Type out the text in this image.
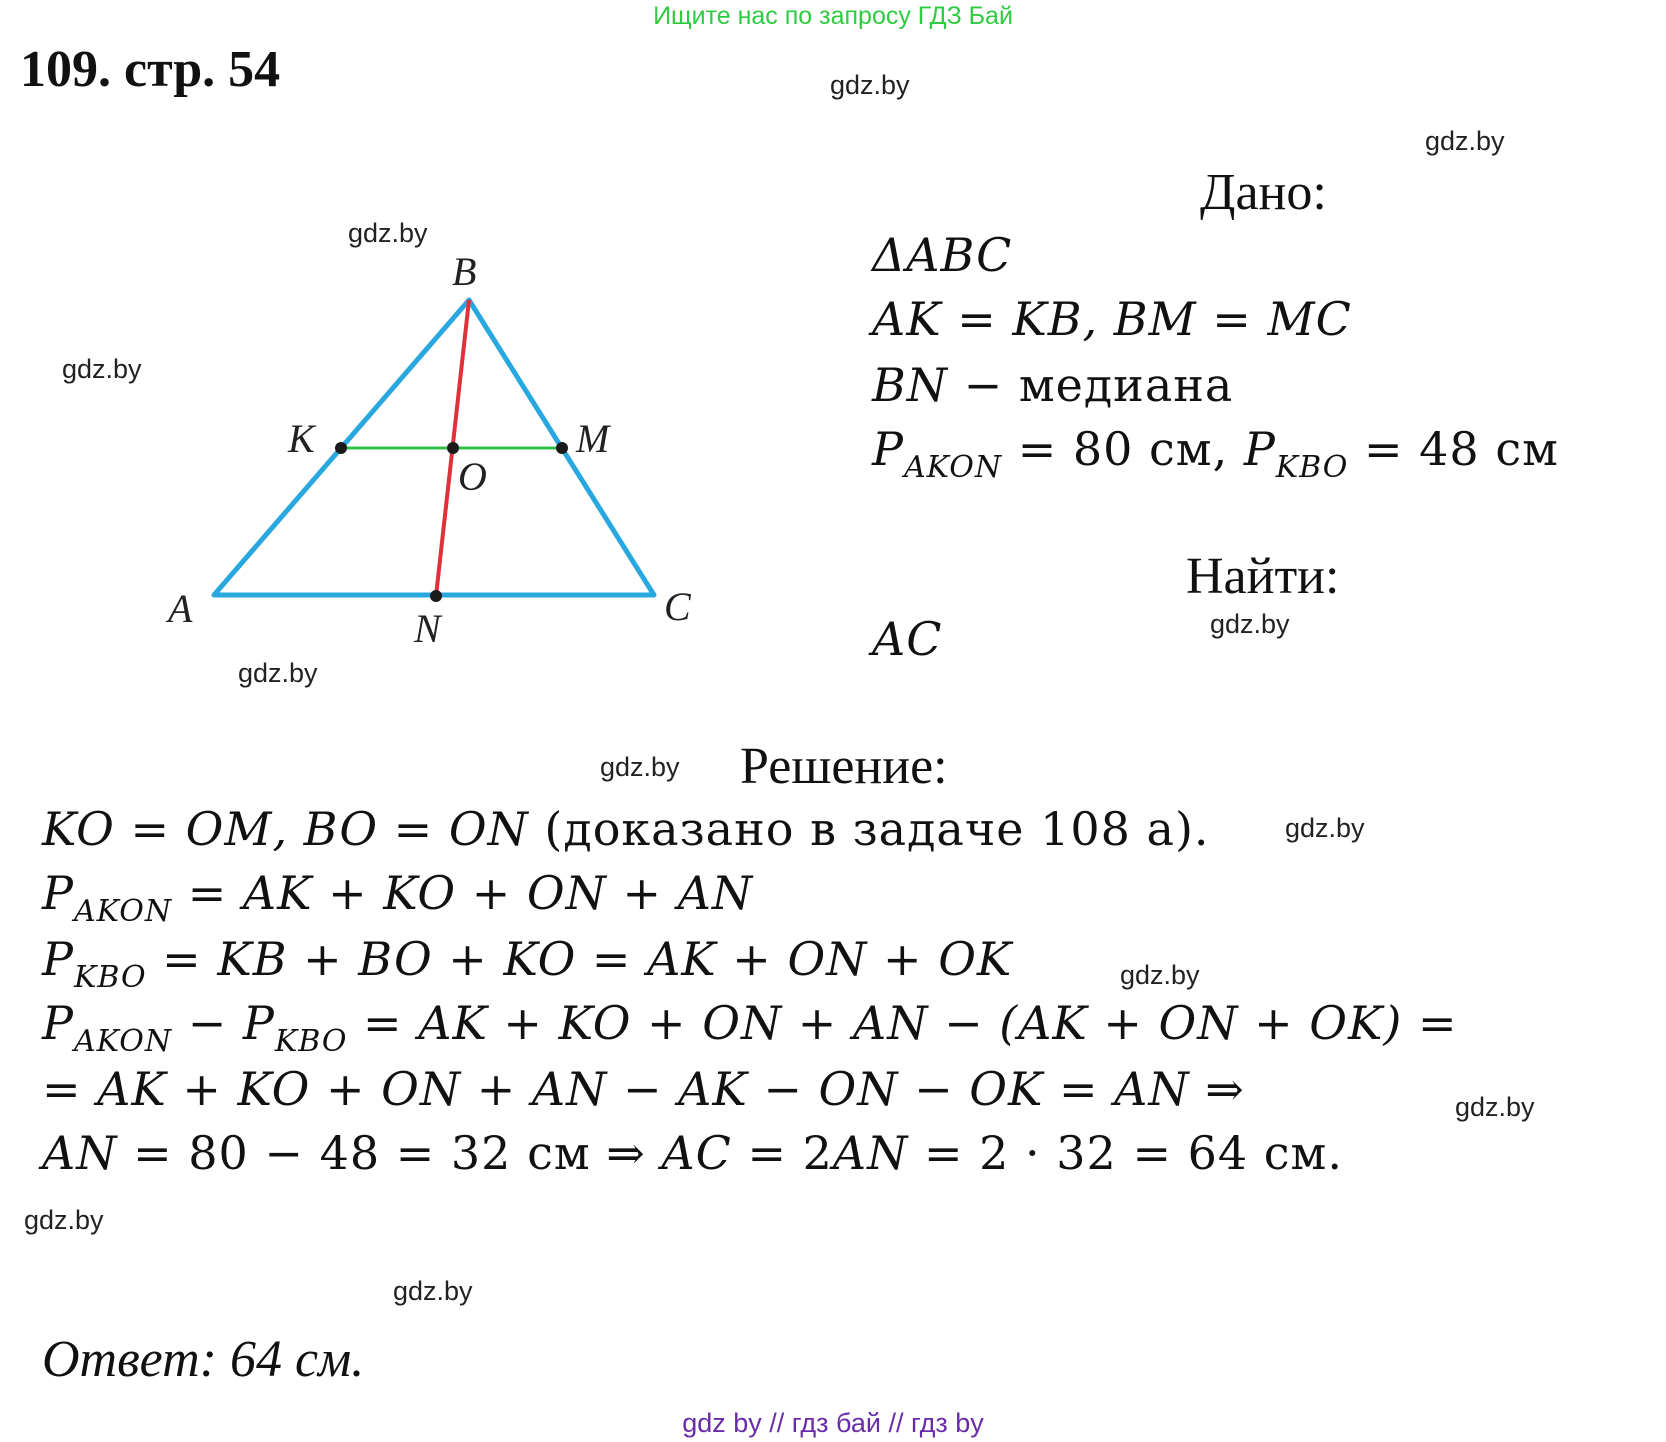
Ищите нас по запросу ГДЗ Бай
109. стр. 54	gdz.by
gdz.by
gdz.by
gdz.by
gdz.by
gdz.by
gdz.by
gdz.by
gdz.by
gdz.by
gdz.by
gdz.by
A
B
C
K	M
O
N
Дано:
ΔABC
AK = KB, BM = MC
BN − медиана
$P_{AKON} = 80$ см, $P_{KBO} = 48$ см
Найти:
AC
Решение:
KO = OM, BO = ON (доказано в задаче 108 а).
$P_{AKON}$ = AK + KO + ON + AN
$P_{KBO}$ = KB + BO + KO = AK + ON + OK
$P_{AKON} - P_{KBO}$ = AK + KO + ON + AN − (AK + ON + OK) =
= AK + KO + ON + AN − AK − ON − OK = AN ⇒
AN = 80 − 48 = 32 см ⇒ AC = 2AN = 2 · 32 = 64 см.
Ответ: 64 см.
gdz by // гдз бай // гдз by
